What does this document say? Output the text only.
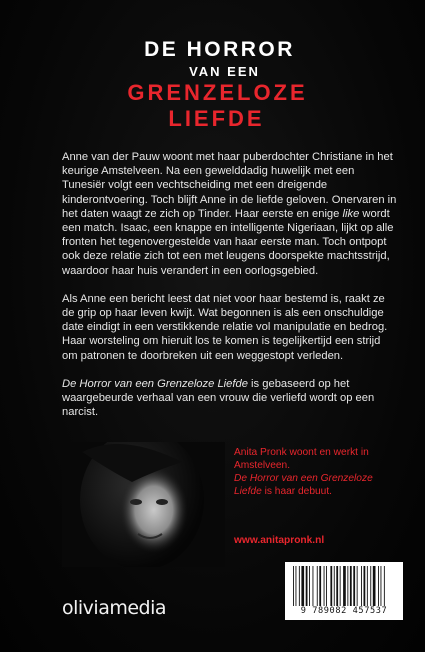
DE HORROR
VAN EEN
GRENZELOZE
LIEFDE

Anne van der Pauw woont met haar puberdochter Christiane in het keurige Amstelveen. Na een gewelddadig huwelijk met een Tunesiër volgt een vechtscheiding met een dreigende kinderontvoering. Toch blijft Anne in de liefde geloven. Onervaren in het daten waagt ze zich op Tinder. Haar eerste en enige like wordt een match. Isaac, een knappe en intelligente Nigeriaan, lijkt op alle fronten het tegenovergestelde van haar eerste man. Toch ontpopt ook deze relatie zich tot een met leugens doorspekte machtsstrijd, waardoor haar huis verandert in een oorlogsgebied.

Als Anne een bericht leest dat niet voor haar bestemd is, raakt ze de grip op haar leven kwijt. Wat begonnen is als een onschuldige date eindigt in een verstikkende relatie vol manipulatie en bedrog. Haar worsteling om hieruit los te komen is tegelijkertijd een strijd om patronen te doorbreken uit een weggestopt verleden.

De Horror van een Grenzeloze Liefde is gebaseerd op het waargebeurde verhaal van een vrouw die verliefd wordt op een narcist.

Anita Pronk woont en werkt in Amstelveen.
De Horror van een Grenzeloze Liefde is haar debuut.
www.anitapronk.nl
oliviamedia	9 789082 457537
